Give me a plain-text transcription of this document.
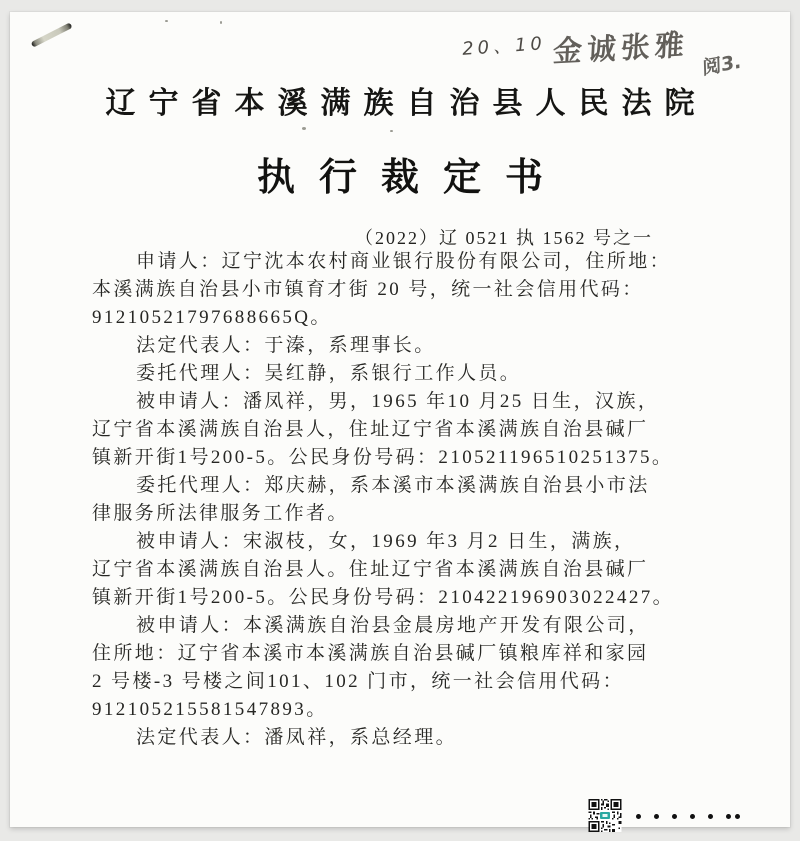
20、10 金诚张雅 阅3.
辽宁省本溪满族自治县人民法院
执行裁定书
（2022）辽 0521 执 1562 号之一
申请人：辽宁沈本农村商业银行股份有限公司，住所地：
本溪满族自治县小市镇育才街 20 号，统一社会信用代码：
91210521797688665Q。
法定代表人：于溱，系理事长。
委托代理人：吴红静，系银行工作人员。
被申请人：潘凤祥，男，1965 年10 月25 日生，汉族，
辽宁省本溪满族自治县人，住址辽宁省本溪满族自治县碱厂
镇新开街1号200-5。公民身份号码：210521196510251375。
委托代理人：郑庆赫，系本溪市本溪满族自治县小市法
律服务所法律服务工作者。
被申请人：宋淑枝，女，1969 年3 月2 日生，满族，
辽宁省本溪满族自治县人。住址辽宁省本溪满族自治县碱厂
镇新开街1号200-5。公民身份号码：210422196903022427。
被申请人：本溪满族自治县金晨房地产开发有限公司，
住所地：辽宁省本溪市本溪满族自治县碱厂镇粮库祥和家园
2 号楼-3 号楼之间101、102 门市，统一社会信用代码：
912105215581547893。
法定代表人：潘凤祥，系总经理。
